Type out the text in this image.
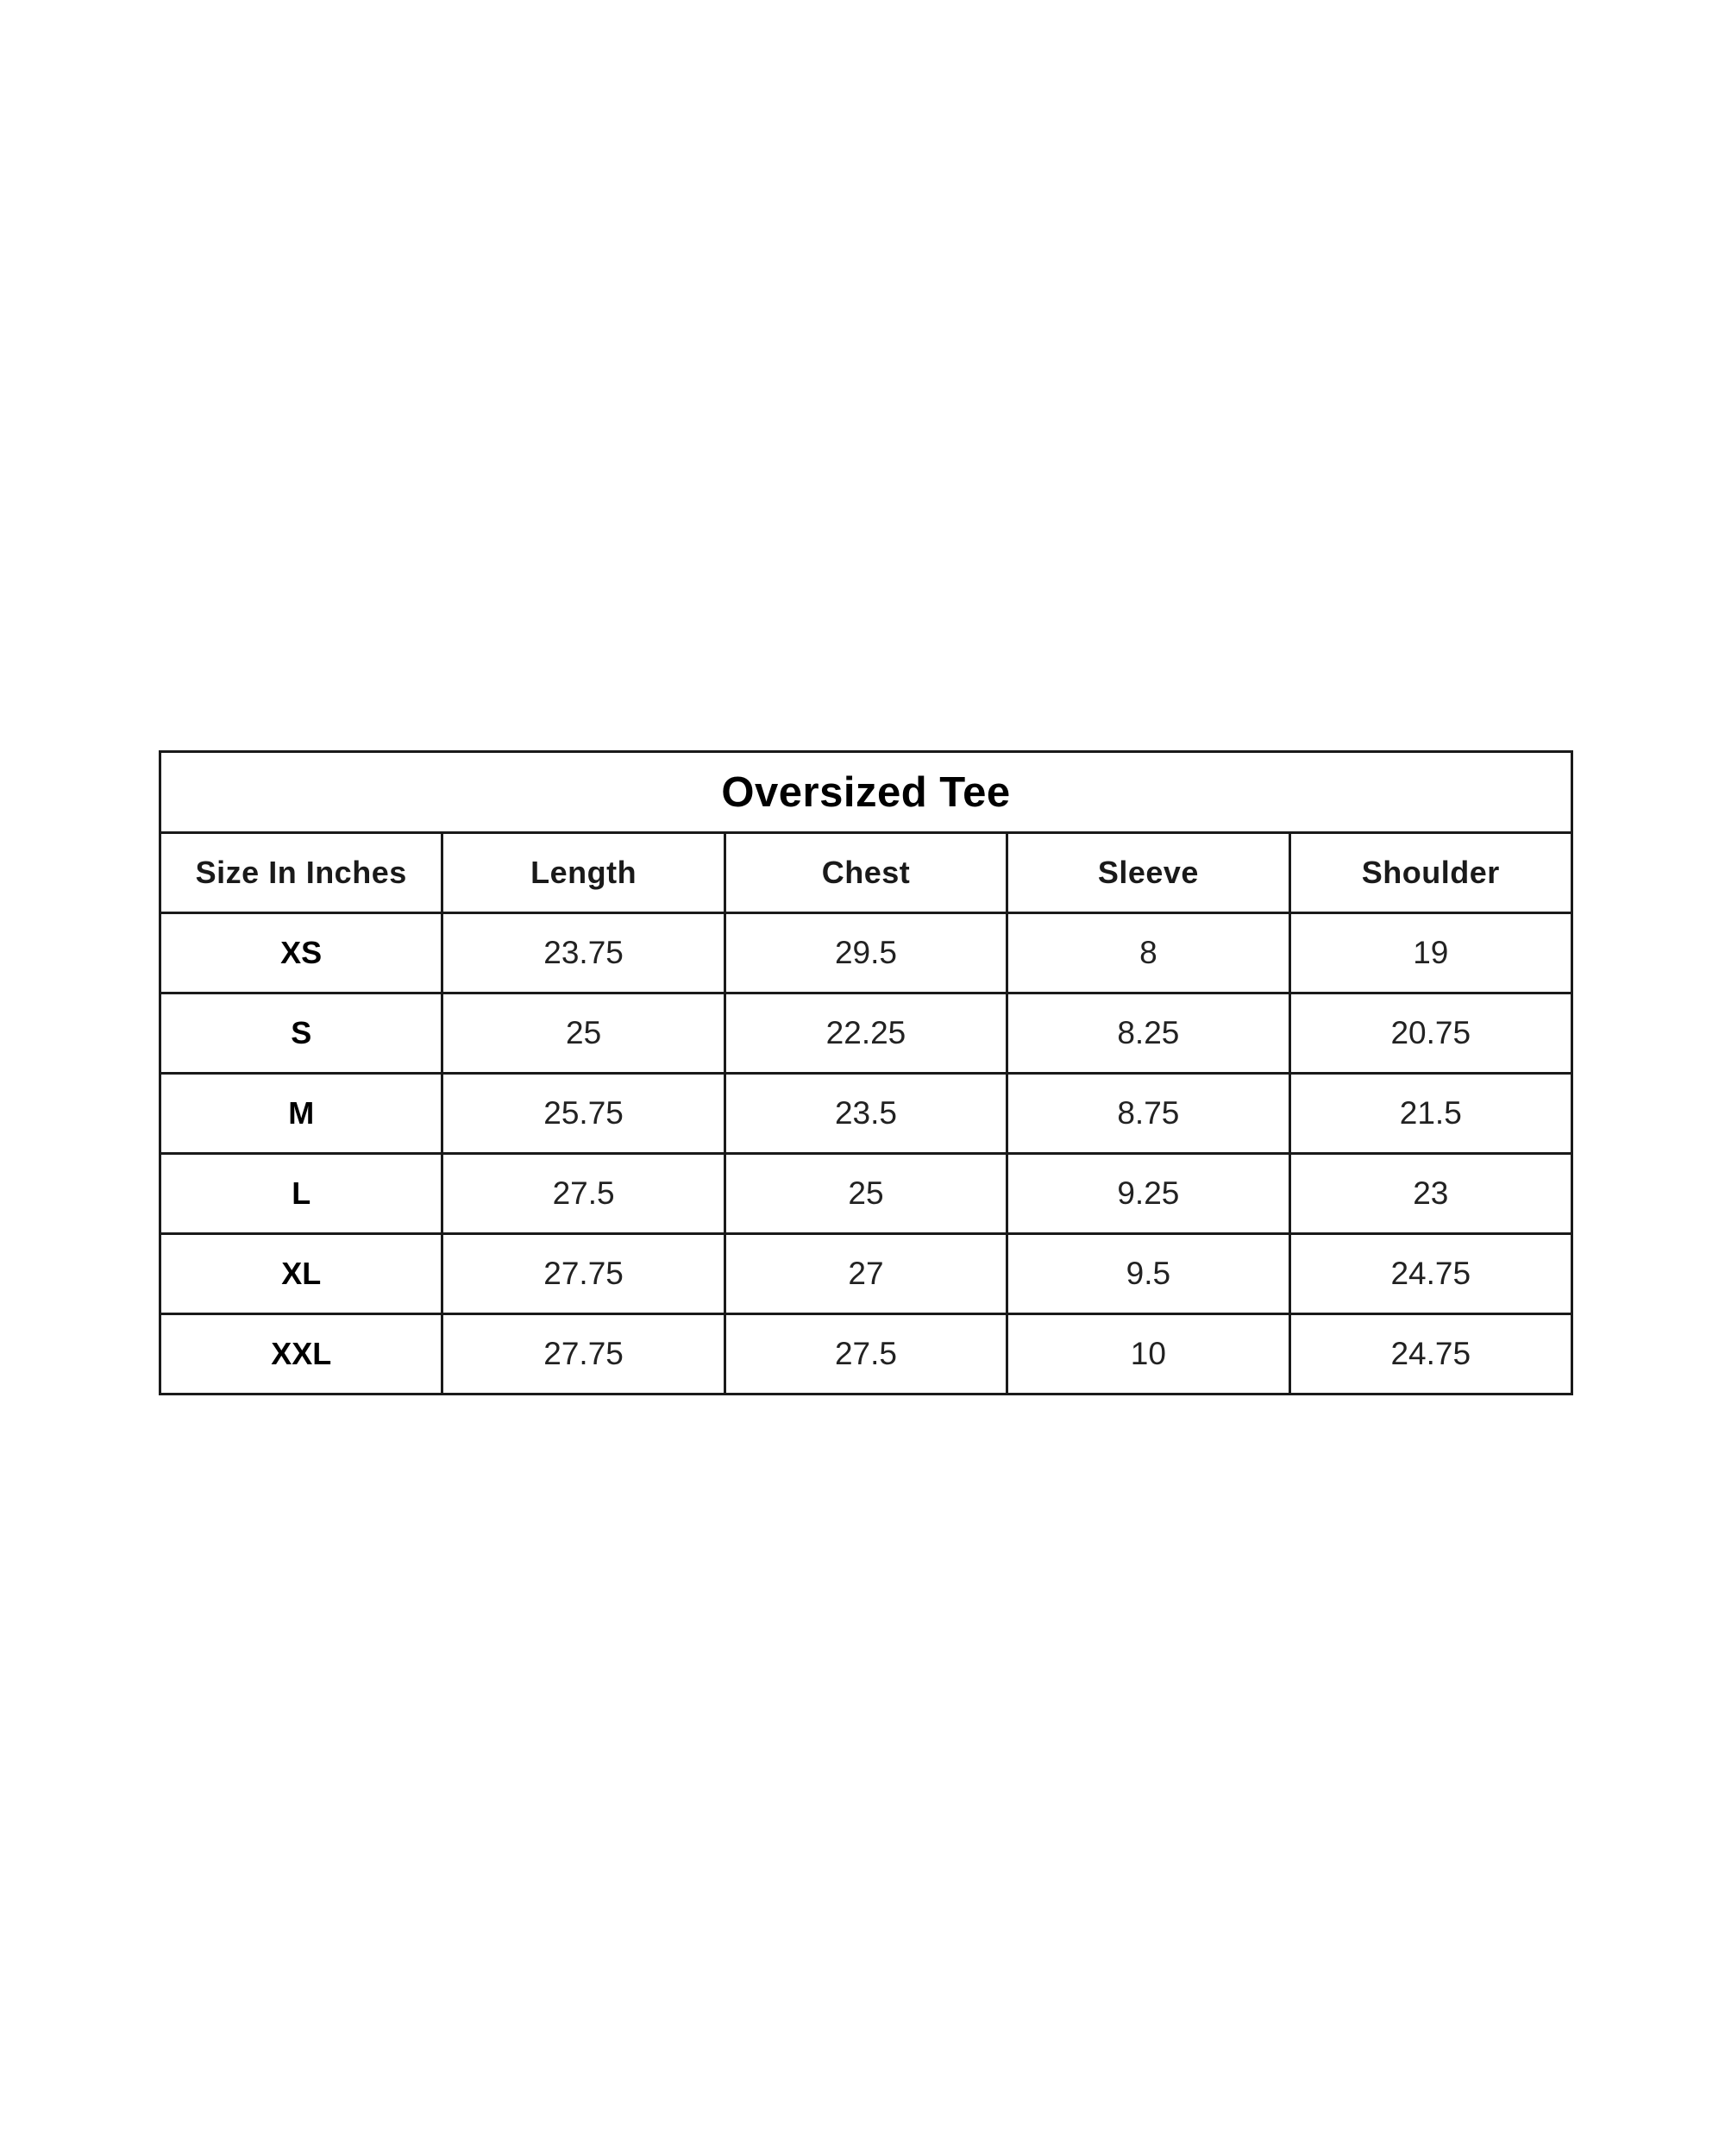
Oversized Tee				
Size In Inches	Length	Chest	Sleeve	Shoulder
XS	23.75	29.5	8	19
S	25	22.25	8.25	20.75
M	25.75	23.5	8.75	21.5
L	27.5	25	9.25	23
XL	27.75	27	9.5	24.75
XXL	27.75	27.5	10	24.75
